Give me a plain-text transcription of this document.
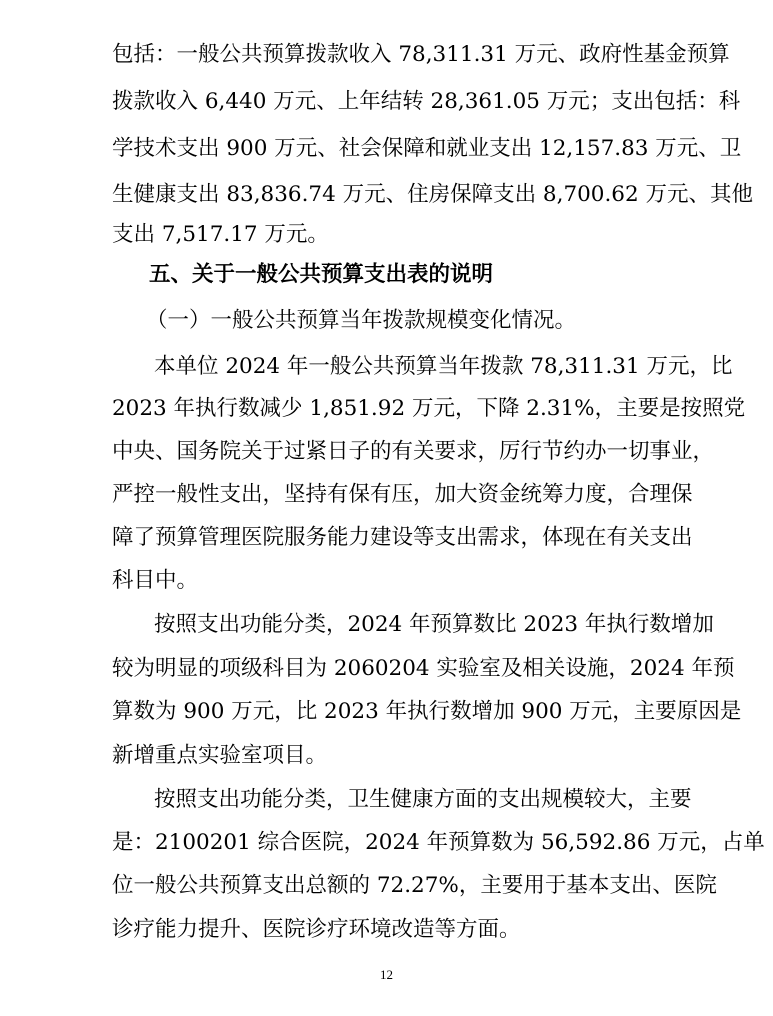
包括：一般公共预算拨款收入 78,311.31 万元、政府性基金预算
拨款收入 6,440 万元、上年结转 28,361.05 万元；支出包括：科
学技术支出 900 万元、社会保障和就业支出 12,157.83 万元、卫
生健康支出 83,836.74 万元、住房保障支出 8,700.62 万元、其他
支出 7,517.17 万元。
五、关于一般公共预算支出表的说明
（一）一般公共预算当年拨款规模变化情况。
本单位 2024 年一般公共预算当年拨款 78,311.31 万元，比
2023 年执行数减少 1,851.92 万元，下降 2.31%，主要是按照党
中央、国务院关于过紧日子的有关要求，厉行节约办一切事业，
严控一般性支出，坚持有保有压，加大资金统筹力度，合理保
障了预算管理医院服务能力建设等支出需求，体现在有关支出
科目中。
按照支出功能分类，2024 年预算数比 2023 年执行数增加
较为明显的项级科目为 2060204 实验室及相关设施，2024 年预
算数为 900 万元，比 2023 年执行数增加 900 万元，主要原因是
新增重点实验室项目。
按照支出功能分类，卫生健康方面的支出规模较大，主要
是：2100201 综合医院，2024 年预算数为 56,592.86 万元，占单
位一般公共预算支出总额的 72.27%，主要用于基本支出、医院
诊疗能力提升、医院诊疗环境改造等方面。
12
